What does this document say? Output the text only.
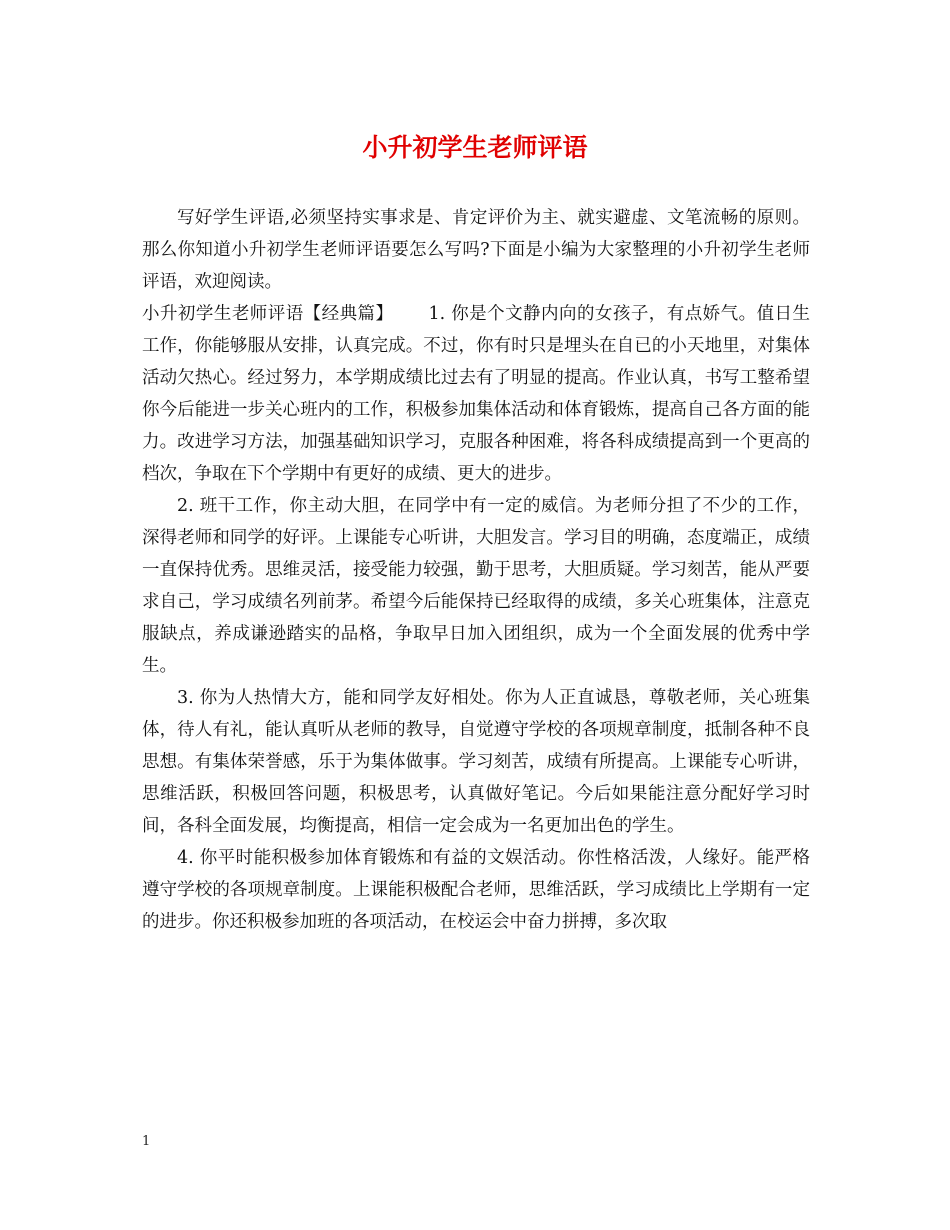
小升初学生老师评语

写好学生评语,必须坚持实事求是、肯定评价为主、就实避虚、文笔流畅的原则。那么你知道小升初学生老师评语要怎么写吗?下面是小编为大家整理的小升初学生老师评语，欢迎阅读。

小升初学生老师评语【经典篇】   1. 你是个文静内向的女孩子，有点娇气。值日生工作，你能够服从安排，认真完成。不过，你有时只是埋头在自已的小天地里，对集体活动欠热心。经过努力，本学期成绩比过去有了明显的提高。作业认真，书写工整希望你今后能进一步关心班内的工作，积极参加集体活动和体育锻炼，提高自己各方面的能力。改进学习方法，加强基础知识学习，克服各种困难，将各科成绩提高到一个更高的档次，争取在下个学期中有更好的成绩、更大的进步。

2. 班干工作，你主动大胆，在同学中有一定的威信。为老师分担了不少的工作，深得老师和同学的好评。上课能专心听讲，大胆发言。学习目的明确，态度端正，成绩一直保持优秀。思维灵活，接受能力较强，勤于思考，大胆质疑。学习刻苦，能从严要求自己，学习成绩名列前茅。希望今后能保持已经取得的成绩，多关心班集体，注意克服缺点，养成谦逊踏实的品格，争取早日加入团组织，成为一个全面发展的优秀中学生。

3. 你为人热情大方，能和同学友好相处。你为人正直诚恳，尊敬老师，关心班集体，待人有礼，能认真听从老师的教导，自觉遵守学校的各项规章制度，抵制各种不良思想。有集体荣誉感，乐于为集体做事。学习刻苦，成绩有所提高。上课能专心听讲，思维活跃，积极回答问题，积极思考，认真做好笔记。今后如果能注意分配好学习时间，各科全面发展，均衡提高，相信一定会成为一名更加出色的学生。

4. 你平时能积极参加体育锻炼和有益的文娱活动。你性格活泼，人缘好。能严格遵守学校的各项规章制度。上课能积极配合老师，思维活跃，学习成绩比上学期有一定的进步。你还积极参加班的各项活动，在校运会中奋力拼搏，多次取

1
